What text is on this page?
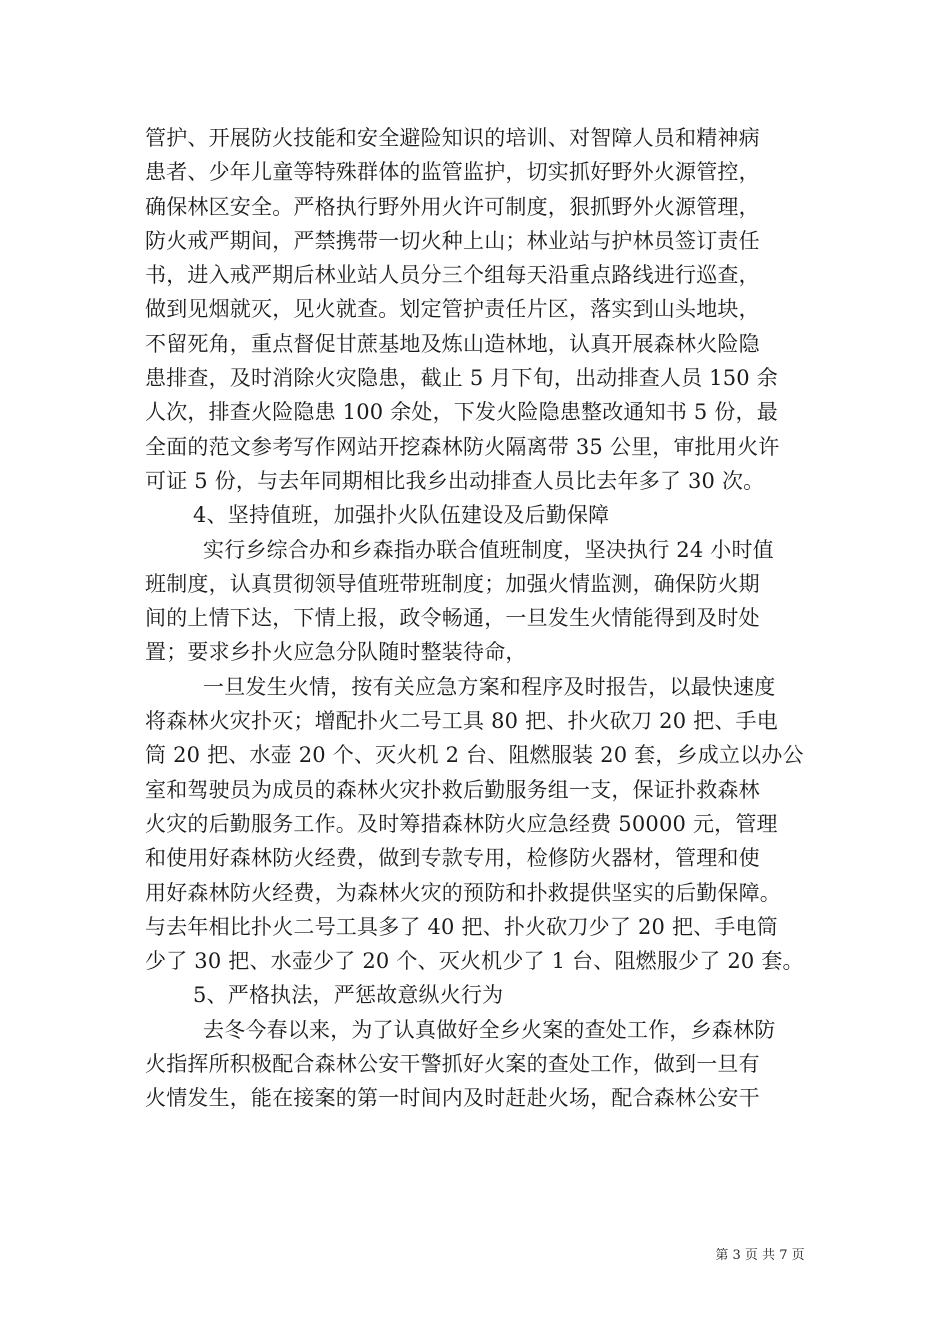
管护、开展防火技能和安全避险知识的培训、对智障人员和精神病
患者、少年儿童等特殊群体的监管监护，切实抓好野外火源管控，
确保林区安全。严格执行野外用火许可制度，狠抓野外火源管理，
防火戒严期间，严禁携带一切火种上山；林业站与护林员签订责任
书，进入戒严期后林业站人员分三个组每天沿重点路线进行巡查，
做到见烟就灭，见火就查。划定管护责任片区，落实到山头地块，
不留死角，重点督促甘蔗基地及炼山造林地，认真开展森林火险隐
患排查，及时消除火灾隐患，截止 5 月下旬，出动排查人员 150 余
人次，排查火险隐患 100 余处，下发火险隐患整改通知书 5 份，最
全面的范文参考写作网站开挖森林防火隔离带 35 公里，审批用火许
可证 5 份，与去年同期相比我乡出动排查人员比去年多了 30 次。
4、坚持值班，加强扑火队伍建设及后勤保障
实行乡综合办和乡森指办联合值班制度，坚决执行 24 小时值
班制度，认真贯彻领导值班带班制度；加强火情监测，确保防火期
间的上情下达，下情上报，政令畅通，一旦发生火情能得到及时处
置；要求乡扑火应急分队随时整装待命，
一旦发生火情，按有关应急方案和程序及时报告，以最快速度
将森林火灾扑灭；增配扑火二号工具 80 把、扑火砍刀 20 把、手电
筒 20 把、水壶 20 个、灭火机 2 台、阻燃服装 20 套，乡成立以办公
室和驾驶员为成员的森林火灾扑救后勤服务组一支，保证扑救森林
火灾的后勤服务工作。及时筹措森林防火应急经费 50000 元，管理
和使用好森林防火经费，做到专款专用，检修防火器材，管理和使
用好森林防火经费，为森林火灾的预防和扑救提供坚实的后勤保障。
与去年相比扑火二号工具多了 40 把、扑火砍刀少了 20 把、手电筒
少了 30 把、水壶少了 20 个、灭火机少了 1 台、阻燃服少了 20 套。
5、严格执法，严惩故意纵火行为
去冬今春以来，为了认真做好全乡火案的查处工作，乡森林防
火指挥所积极配合森林公安干警抓好火案的查处工作，做到一旦有
火情发生，能在接案的第一时间内及时赶赴火场，配合森林公安干
第 3 页 共 7 页
